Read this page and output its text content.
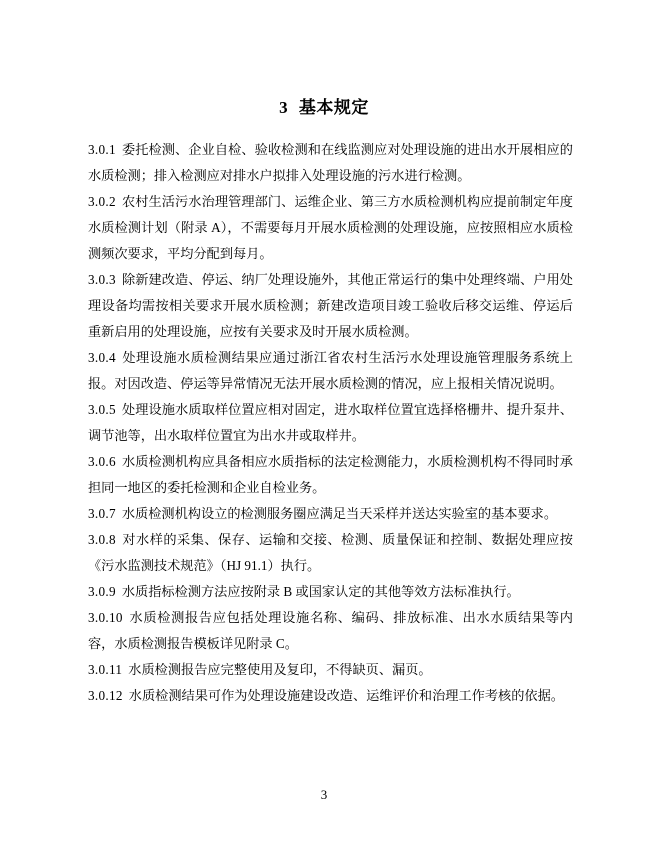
3 基本规定

3.0.1 委托检测、企业自检、验收检测和在线监测应对处理设施的进出水开展相应的水质检测；排入检测应对排水户拟排入处理设施的污水进行检测。

3.0.2 农村生活污水治理管理部门、运维企业、第三方水质检测机构应提前制定年度水质检测计划（附录 A），不需要每月开展水质检测的处理设施，应按照相应水质检测频次要求，平均分配到每月。

3.0.3 除新建改造、停运、纳厂处理设施外，其他正常运行的集中处理终端、户用处理设备均需按相关要求开展水质检测；新建改造项目竣工验收后移交运维、停运后重新启用的处理设施，应按有关要求及时开展水质检测。

3.0.4 处理设施水质检测结果应通过浙江省农村生活污水处理设施管理服务系统上报。对因改造、停运等异常情况无法开展水质检测的情况，应上报相关情况说明。

3.0.5 处理设施水质取样位置应相对固定，进水取样位置宜选择格栅井、提升泵井、调节池等，出水取样位置宜为出水井或取样井。

3.0.6 水质检测机构应具备相应水质指标的法定检测能力，水质检测机构不得同时承担同一地区的委托检测和企业自检业务。

3.0.7 水质检测机构设立的检测服务圈应满足当天采样并送达实验室的基本要求。

3.0.8 对水样的采集、保存、运输和交接、检测、质量保证和控制、数据处理应按《污水监测技术规范》（HJ 91.1）执行。

3.0.9 水质指标检测方法应按附录 B 或国家认定的其他等效方法标准执行。

3.0.10 水质检测报告应包括处理设施名称、编码、排放标准、出水水质结果等内容，水质检测报告模板详见附录 C。

3.0.11 水质检测报告应完整使用及复印，不得缺页、漏页。

3.0.12 水质检测结果可作为处理设施建设改造、运维评价和治理工作考核的依据。

3
